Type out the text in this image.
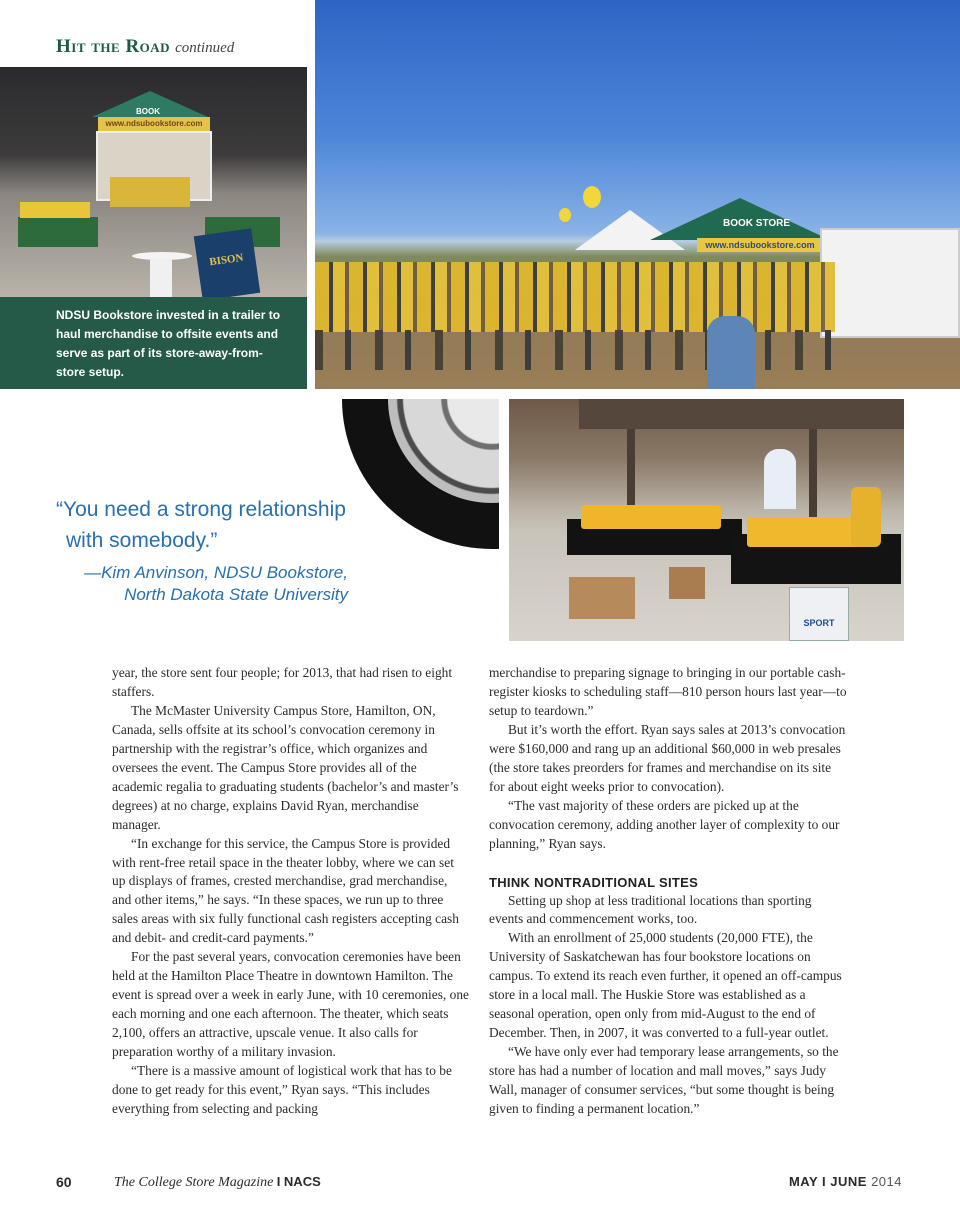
Hit the Road continued
www.ndsubookstore.com
BISON
BOOK
NDSU Bookstore invested in a trailer to haul merchandise to offsite events and serve as part of its store-away-from-store setup.
www.ndsubookstore.com
BOOK STORE
SPORT
“You need a strong relationship
with somebody.”
—Kim Anvinson, NDSU Bookstore,
North Dakota State University

year, the store sent four people; for 2013, that had risen to eight staffers.

The McMaster University Campus Store, Hamilton, ON, Canada, sells offsite at its school’s convocation ceremony in partnership with the registrar’s office, which organizes and oversees the event. The Campus Store provides all of the academic regalia to graduating students (bachelor’s and master’s degrees) at no charge, explains David Ryan, merchandise manager.

“In exchange for this service, the Campus Store is provided with rent-free retail space in the theater lobby, where we can set up displays of frames, crested merchandise, grad merchandise, and other items,” he says. “In these spaces, we run up to three sales areas with six fully functional cash registers accepting cash and debit- and credit-card payments.”

For the past several years, convocation ceremonies have been held at the Hamilton Place Theatre in downtown Hamilton. The event is spread over a week in early June, with 10 ceremonies, one each morning and one each afternoon. The theater, which seats 2,100, offers an attractive, upscale venue. It also calls for preparation worthy of a military invasion.

“There is a massive amount of logistical work that has to be done to get ready for this event,” Ryan says. “This includes everything from selecting and packing

merchandise to preparing signage to bringing in our portable cash-register kiosks to scheduling staff—810 person hours last year—to setup to teardown.”

But it’s worth the effort. Ryan says sales at 2013’s convocation were $160,000 and rang up an additional $60,000 in web presales (the store takes preorders for frames and merchandise on its site for about eight weeks prior to convocation).

“The vast majority of these orders are picked up at the convocation ceremony, adding another layer of complexity to our planning,” Ryan says.

THINK NONTRADITIONAL SITES

Setting up shop at less traditional locations than sporting events and commencement works, too.

With an enrollment of 25,000 students (20,000 FTE), the University of Saskatchewan has four bookstore locations on campus. To extend its reach even further, it opened an off-campus store in a local mall. The Huskie Store was established as a seasonal operation, open only from mid-August to the end of December. Then, in 2007, it was converted to a full-year outlet.

“We have only ever had temporary lease arrangements, so the store has had a number of location and mall moves,” says Judy Wall, manager of consumer services, “but some thought is being given to finding a permanent location.”

60	The College Store Magazine I NACS	MAY I JUNE 2014
